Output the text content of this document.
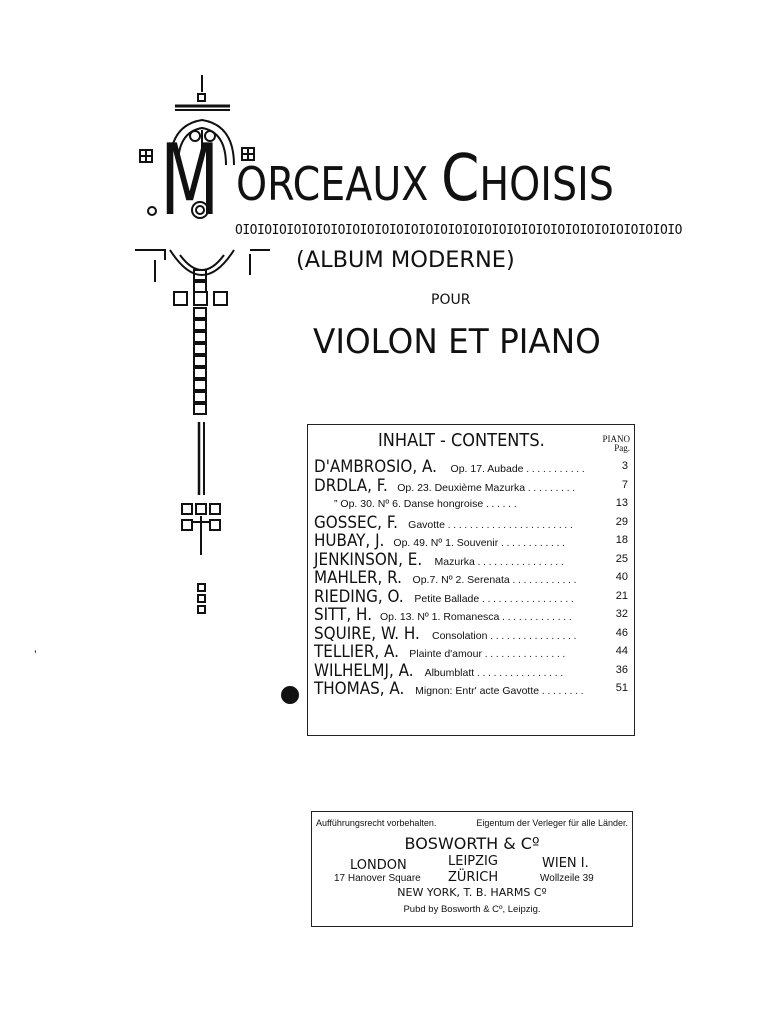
M ORCEAUX CHOISIS
OIOIOIOIOIOIOIOIOIOIOIOIOIOIOIOIOIOIOIOIOIOIOIOIOIOIOIOIOIOIO
(ALBUM MODERNE)
POUR
VIOLON ET PIANO
’
INHALT - CONTENTS.	PIANO
Pag.
D'AMBROSIO, A. Op. 17. Aubade . . . . . . . . . . .	3
DRDLA, F. Op. 23. Deuxième Mazurka . . . . . . . . .	7
” Op. 30. Nº 6. Danse hongroise . . . . . .	13
GOSSEC, F. Gavotte . . . . . . . . . . . . . . . . . . . . . . .	29
HUBAY, J. Op. 49. Nº 1. Souvenir . . . . . . . . . . . .	18
JENKINSON, E. Mazurka . . . . . . . . . . . . . . . .	25
MAHLER, R. Op.7. Nº 2. Serenata . . . . . . . . . . . .	40
RIEDING, O. Petite Ballade . . . . . . . . . . . . . . . . .	21
SITT, H. Op. 13. Nº 1. Romanesca . . . . . . . . . . . . .	32
SQUIRE, W. H. Consolation . . . . . . . . . . . . . . . .	46
TELLIER, A. Plainte d'amour . . . . . . . . . . . . . . .	44
WILHELMJ, A. Albumblatt . . . . . . . . . . . . . . . .	36
THOMAS, A. Mignon: Entr' acte Gavotte . . . . . . . .	51
Aufführungsrecht vorbehalten.	Eigentum der Verleger für alle Länder.
BOSWORTH & Cº
LONDON	LEIPZIG	WIEN I.
17 Hanover Square ZÜRICH	Wollzeile 39
NEW YORK, T. B. HARMS Cº
Pubd by Bosworth & Cº, Leipzig.
